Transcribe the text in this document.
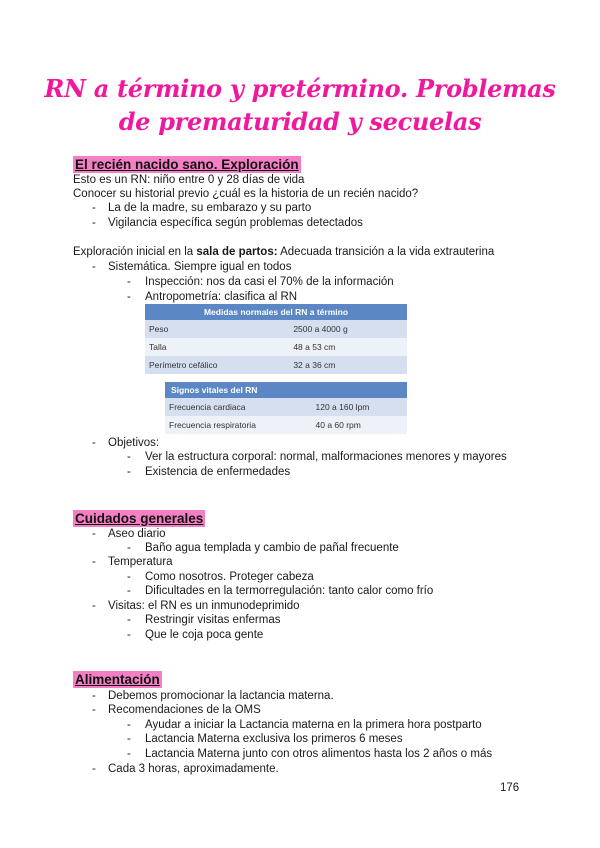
RN a término y pretérmino. Problemas de prematuridad y secuelas
El recién nacido sano. Exploración
Esto es un RN: niño entre 0 y 28 días de vida
Conocer su historial previo ¿cuál es la historia de un recién nacido?
- La de la madre, su embarazo y su parto
- Vigilancia específica según problemas detectados
Exploración inicial en la sala de partos: Adecuada transición a la vida extrauterina
- Sistemática. Siempre igual en todos
- Inspección: nos da casi el 70% de la información
- Antropometría: clasifica al RN
Medidas normales del RN a término	
Peso	2500 a 4000 g
Talla	48 a 53 cm
Perímetro cefálico	32 a 36 cm
Signos vitales del RN	
Frecuencia cardiaca	120 a 160 lpm
Frecuencia respiratoria	40 a 60 rpm
- Objetivos:
- Ver la estructura corporal: normal, malformaciones menores y mayores
- Existencia de enfermedades
Cuidados generales
- Aseo diario
- Baño agua templada y cambio de pañal frecuente
- Temperatura
- Como nosotros. Proteger cabeza
- Dificultades en la termorregulación: tanto calor como frío
- Visitas: el RN es un inmunodeprimido
- Restringir visitas enfermas
- Que le coja poca gente
Alimentación
- Debemos promocionar la lactancia materna.
- Recomendaciones de la OMS
- Ayudar a iniciar la Lactancia materna en la primera hora postparto
- Lactancia Materna exclusiva los primeros 6 meses
- Lactancia Materna junto con otros alimentos hasta los 2 años o más
- Cada 3 horas, aproximadamente.
176
